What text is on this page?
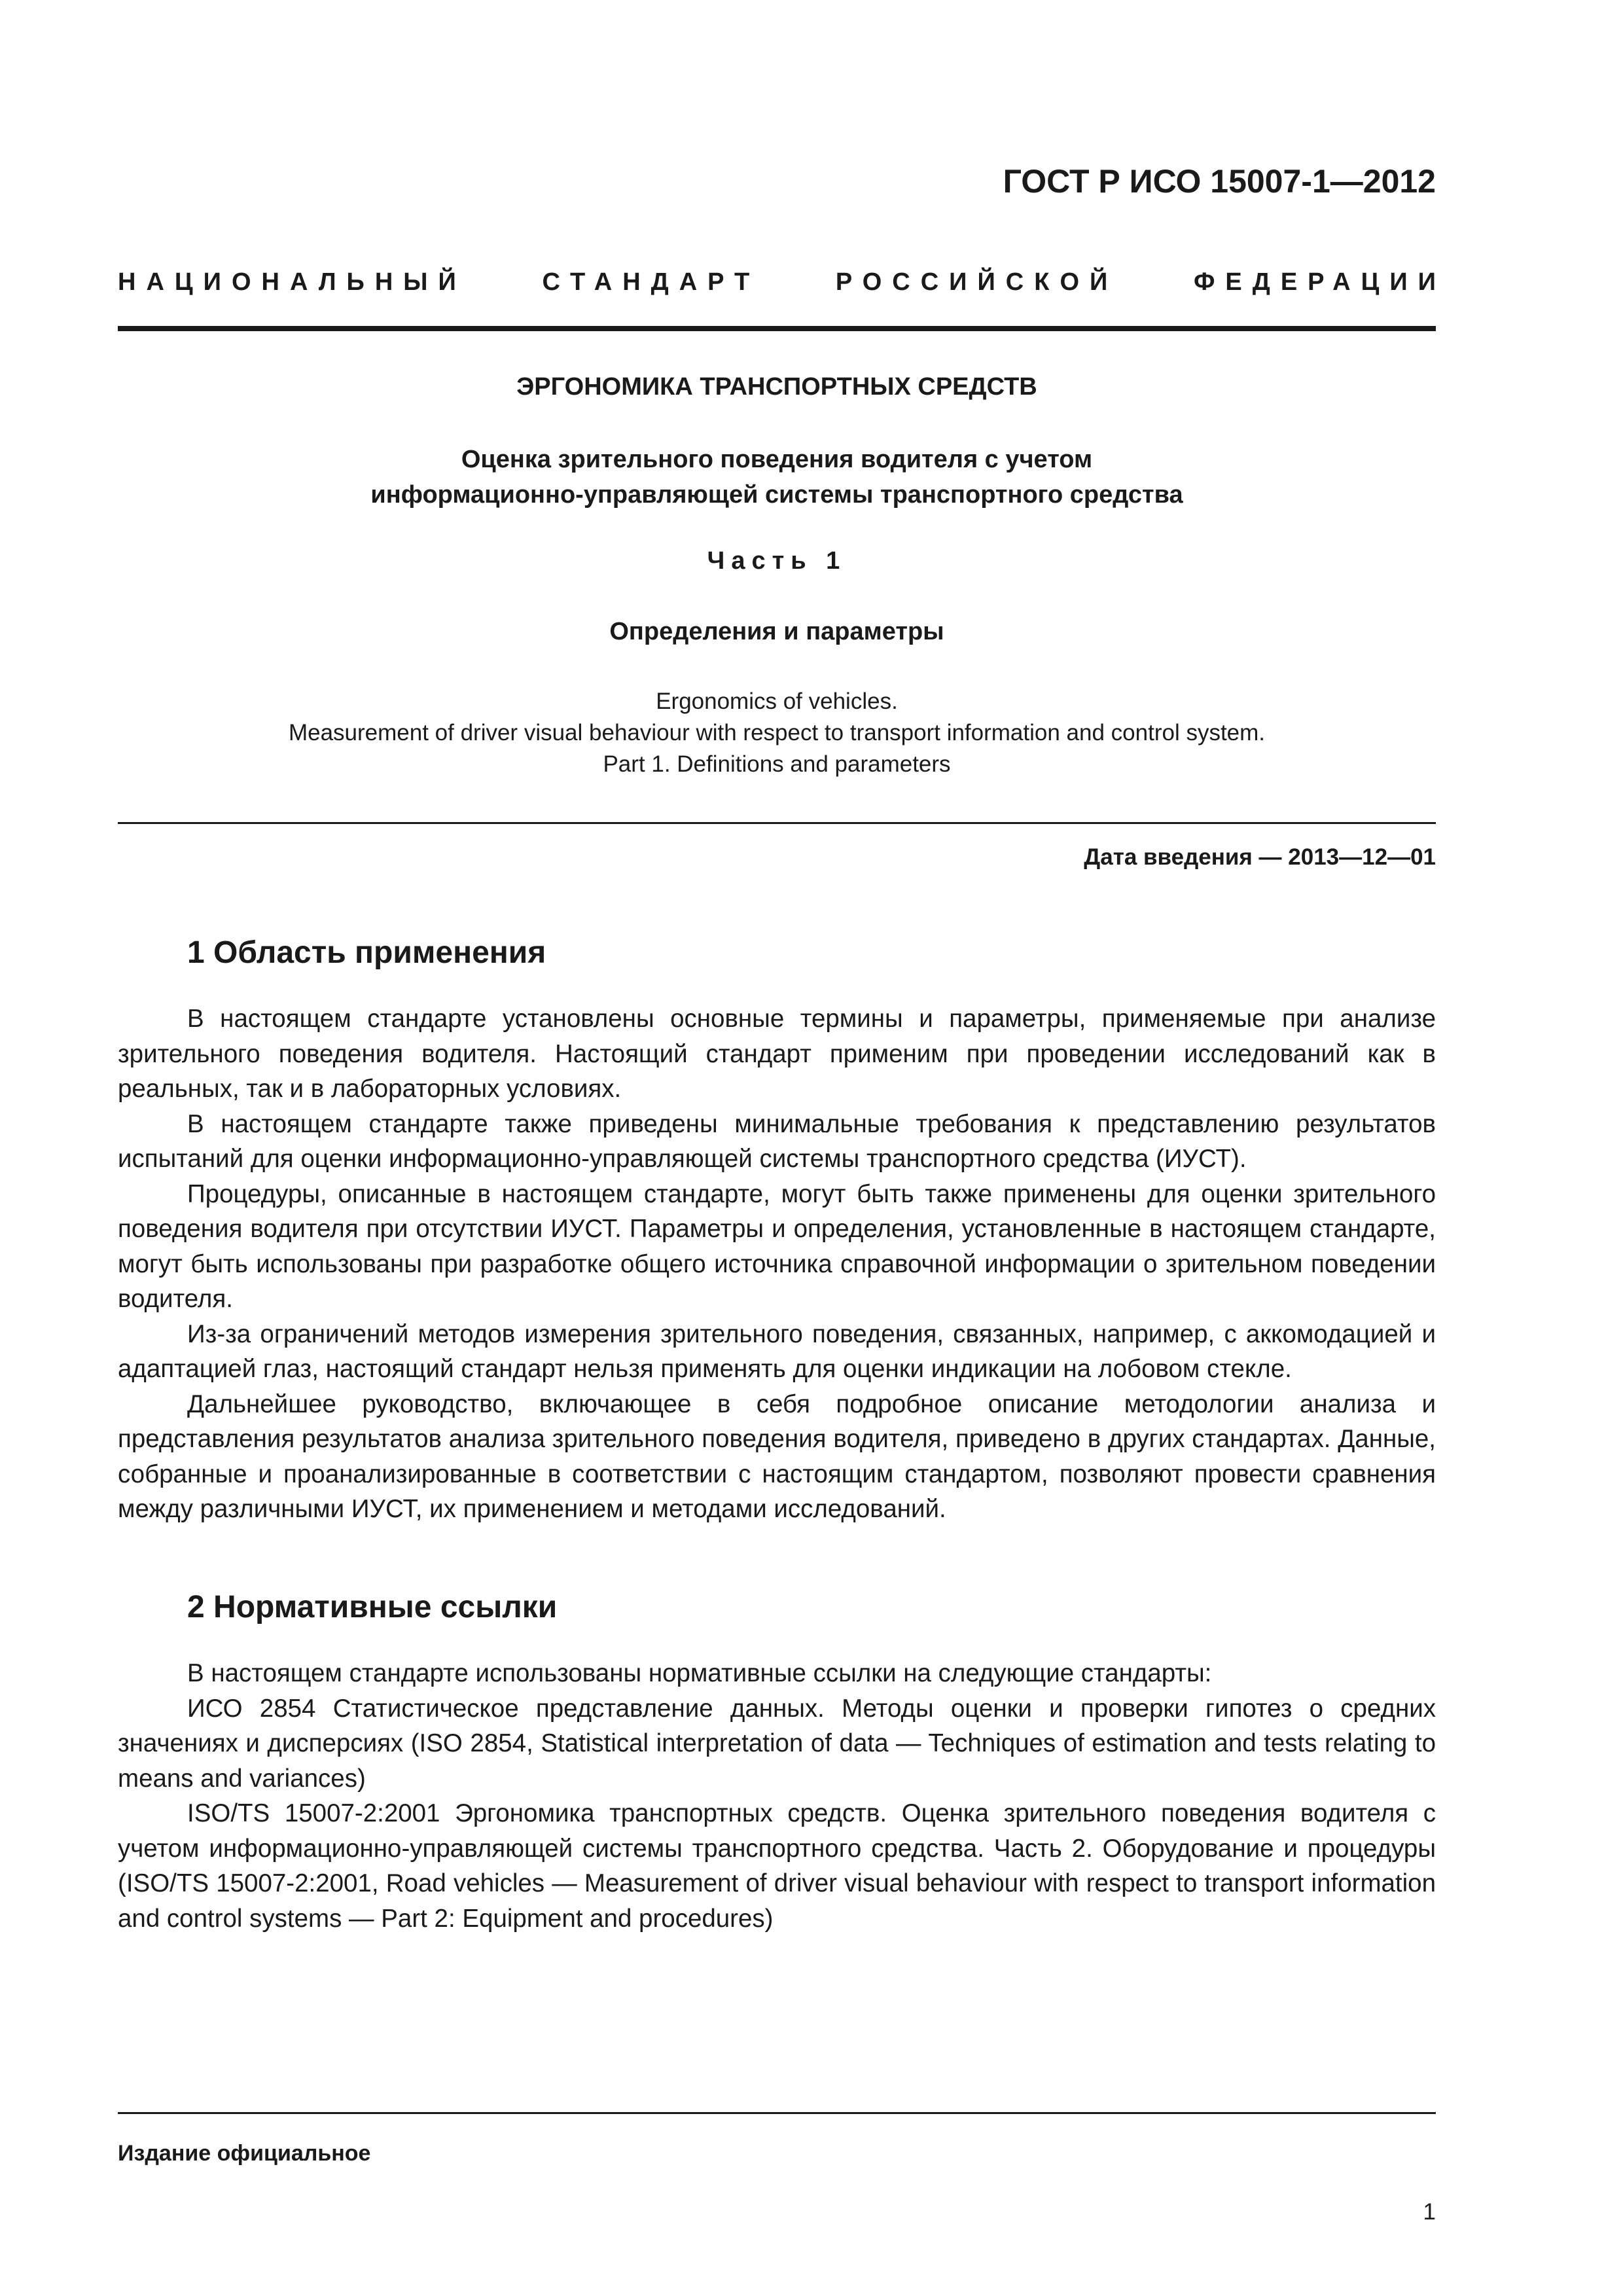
ГОСТ Р ИСО 15007-1—2012
НАЦИОНАЛЬНЫЙ	СТАНДАРТ	РОССИЙСКОЙ	ФЕДЕРАЦИИ
ЭРГОНОМИКА ТРАНСПОРТНЫХ СРЕДСТВ
Оценка зрительного поведения водителя с учетом
информационно-управляющей системы транспортного средства
Часть 1
Определения и параметры
Ergonomics of vehicles.
Measurement of driver visual behaviour with respect to transport information and control system.
Part 1. Definitions and parameters
Дата введения — 2013—12—01
1 Область применения

В настоящем стандарте установлены основные термины и параметры, применяемые при анализе зрительного поведения водителя. Настоящий стандарт применим при проведении исследований как в реальных, так и в лабораторных условиях.

В настоящем стандарте также приведены минимальные требования к представлению результатов испытаний для оценки информационно-управляющей системы транспортного средства (ИУСТ).

Процедуры, описанные в настоящем стандарте, могут быть также применены для оценки зрительного поведения водителя при отсутствии ИУСТ. Параметры и определения, установленные в настоящем стандарте, могут быть использованы при разработке общего источника справочной информации о зрительном поведении водителя.

Из-за ограничений методов измерения зрительного поведения, связанных, например, с аккомодацией и адаптацией глаз, настоящий стандарт нельзя применять для оценки индикации на лобовом стекле.

Дальнейшее руководство, включающее в себя подробное описание методологии анализа и представления результатов анализа зрительного поведения водителя, приведено в других стандартах. Данные, собранные и проанализированные в соответствии с настоящим стандартом, позволяют провести сравнения между различными ИУСТ, их применением и методами исследований.

2 Нормативные ссылки

В настоящем стандарте использованы нормативные ссылки на следующие стандарты:

ИСО 2854 Статистическое представление данных. Методы оценки и проверки гипотез о средних значениях и дисперсиях (ISO 2854, Statistical interpretation of data — Techniques of estimation and tests relating to means and variances)

ISO/TS 15007-2:2001 Эргономика транспортных средств. Оценка зрительного поведения водителя с учетом информационно-управляющей системы транспортного средства. Часть 2. Оборудование и процедуры (ISO/TS 15007-2:2001, Road vehicles — Measurement of driver visual behaviour with respect to transport information and control systems — Part 2: Equipment and procedures)

Издание официальное
1
